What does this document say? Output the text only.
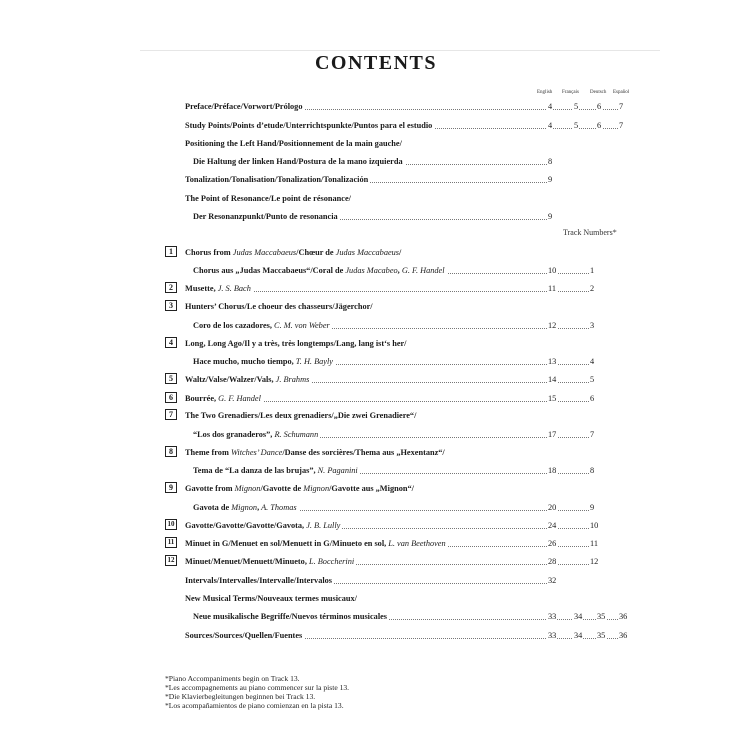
CONTENTS
English Français Deutsch Español
Track Numbers*
Preface/Préface/Vorwort/Prólogo	4	5 6 7
Study Points/Points d’etude/Unterrichtspunkte/Puntos para el estudio	4	5 6 7
Positioning the Left Hand/Positionnement de la main gauche/
Die Haltung der linken Hand/Postura de la mano izquierda	8
Tonalization/Tonalisation/Tonalization/Tonalización	9
The Point of Resonance/Le point de résonance/
Der Resonanzpunkt/Punto de resonancia	9
1	Chorus from Judas Maccabaeus/Chœur de Judas Maccabaeus/
Chorus aus „Judas Maccabaeus“/Coral de Judas Macabeo, G. F. Handel	10	1
2	Musette, J. S. Bach	11	2
3	Hunters’ Chorus/Le choeur des chasseurs/Jägerchor/
Coro de los cazadores, C. M. von Weber	12	3
4	Long, Long Ago/Il y a très, très longtemps/Lang, lang ist‘s her/
Hace mucho, mucho tiempo, T. H. Bayly	13	4
5	Waltz/Valse/Walzer/Vals, J. Brahms	14	5
6	Bourrée, G. F. Handel	15	6
7	The Two Grenadiers/Les deux grenadiers/„Die zwei Grenadiere“/
“Los dos granaderos”, R. Schumann	17	7
8	Theme from Witches’ Dance/Danse des sorcières/Thema aus „Hexentanz“/
Tema de “La danza de las brujas”, N. Paganini	18	8
9	Gavotte from Mignon/Gavotte de Mignon/Gavotte aus „Mignon“/
Gavota de Mignon, A. Thomas	20	9
10	Gavotte/Gavotte/Gavotte/Gavota, J. B. Lully	24	10
11	Minuet in G/Menuet en sol/Menuett in G/Minueto en sol, L. van Beethoven	26	11
12	Minuet/Menuet/Menuett/Minueto, L. Boccherini	28	12
Intervals/Intervalles/Intervalle/Intervalos	32
New Musical Terms/Nouveaux termes musicaux/
Neue musikalische Begriffe/Nuevos términos musicales	33 34 35 36
Sources/Sources/Quellen/Fuentes	33 34 35 36
*Piano Accompaniments begin on Track 13.
*Les accompagnements au piano commencer sur la piste 13.
*Die Klavierbegleitungen beginnen bei Track 13.
*Los acompañamientos de piano comienzan en la pista 13.
